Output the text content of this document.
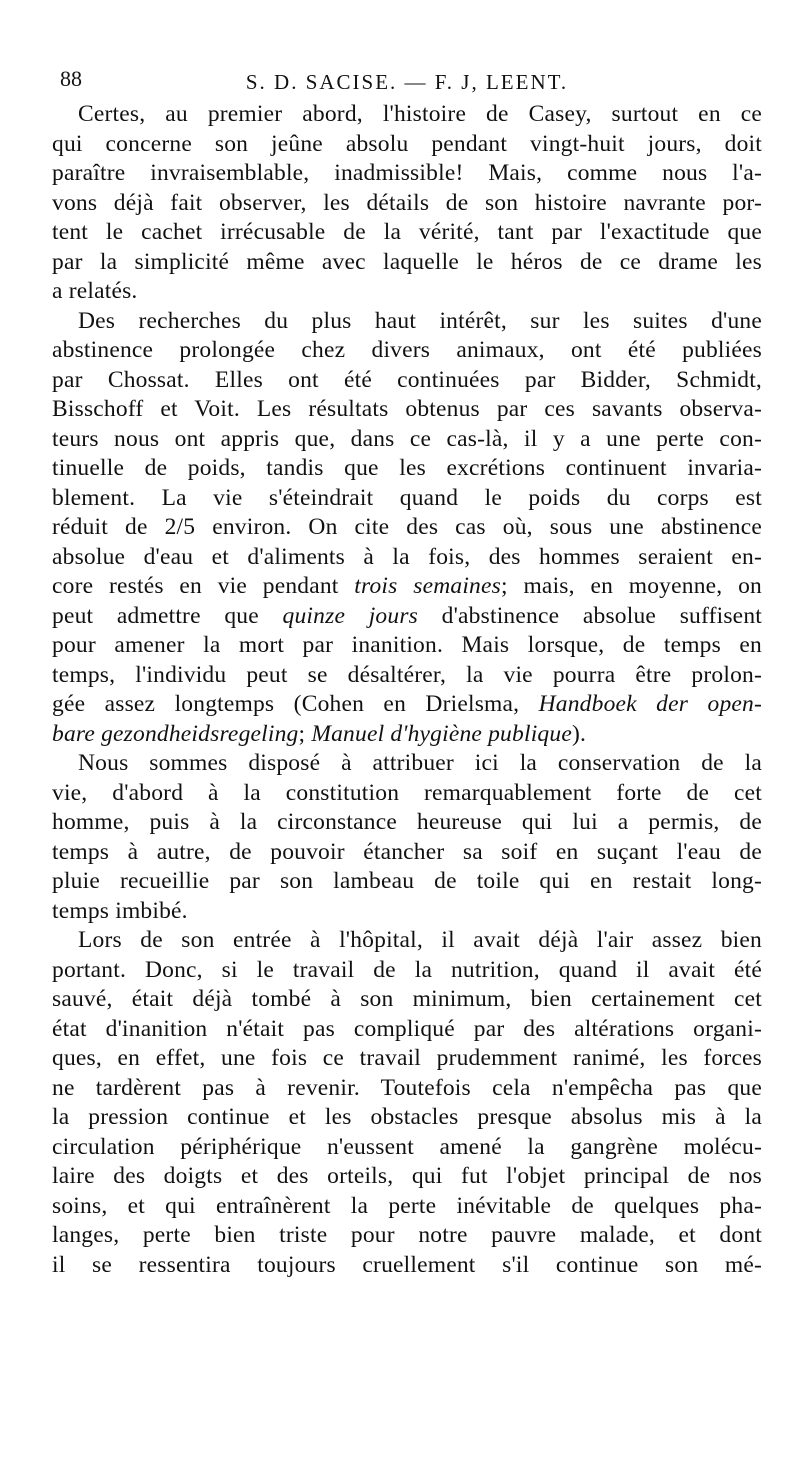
88	S. D. SACISE. — F. J, LEENT.
Certes, au premier abord, l'histoire de Casey, surtout en ce
qui concerne son jeûne absolu pendant vingt-huit jours, doit
paraître invraisemblable, inadmissible! Mais, comme nous l'a-
vons déjà fait observer, les détails de son histoire navrante por-
tent le cachet irrécusable de la vérité, tant par l'exactitude que
par la simplicité même avec laquelle le héros de ce drame les
a relatés.
Des recherches du plus haut intérêt, sur les suites d'une
abstinence prolongée chez divers animaux, ont été publiées
par Chossat. Elles ont été continuées par Bidder, Schmidt,
Bisschoff et Voit. Les résultats obtenus par ces savants observa-
teurs nous ont appris que, dans ce cas-là, il y a une perte con-
tinuelle de poids, tandis que les excrétions continuent invaria-
blement. La vie s'éteindrait quand le poids du corps est
réduit de 2/5 environ. On cite des cas où, sous une abstinence
absolue d'eau et d'aliments à la fois, des hommes seraient en-
core restés en vie pendant trois semaines; mais, en moyenne, on
peut admettre que quinze jours d'abstinence absolue suffisent
pour amener la mort par inanition. Mais lorsque, de temps en
temps, l'individu peut se désaltérer, la vie pourra être prolon-
gée assez longtemps (Cohen en Drielsma, Handboek der open-
bare gezondheidsregeling; Manuel d'hygiène publique).
Nous sommes disposé à attribuer ici la conservation de la
vie, d'abord à la constitution remarquablement forte de cet
homme, puis à la circonstance heureuse qui lui a permis, de
temps à autre, de pouvoir étancher sa soif en suçant l'eau de
pluie recueillie par son lambeau de toile qui en restait long-
temps imbibé.
Lors de son entrée à l'hôpital, il avait déjà l'air assez bien
portant. Donc, si le travail de la nutrition, quand il avait été
sauvé, était déjà tombé à son minimum, bien certainement cet
état d'inanition n'était pas compliqué par des altérations organi-
ques, en effet, une fois ce travail prudemment ranimé, les forces
ne tardèrent pas à revenir. Toutefois cela n'empêcha pas que
la pression continue et les obstacles presque absolus mis à la
circulation périphérique n'eussent amené la gangrène molécu-
laire des doigts et des orteils, qui fut l'objet principal de nos
soins, et qui entraînèrent la perte inévitable de quelques pha-
langes, perte bien triste pour notre pauvre malade, et dont
il se ressentira toujours cruellement s'il continue son mé-
